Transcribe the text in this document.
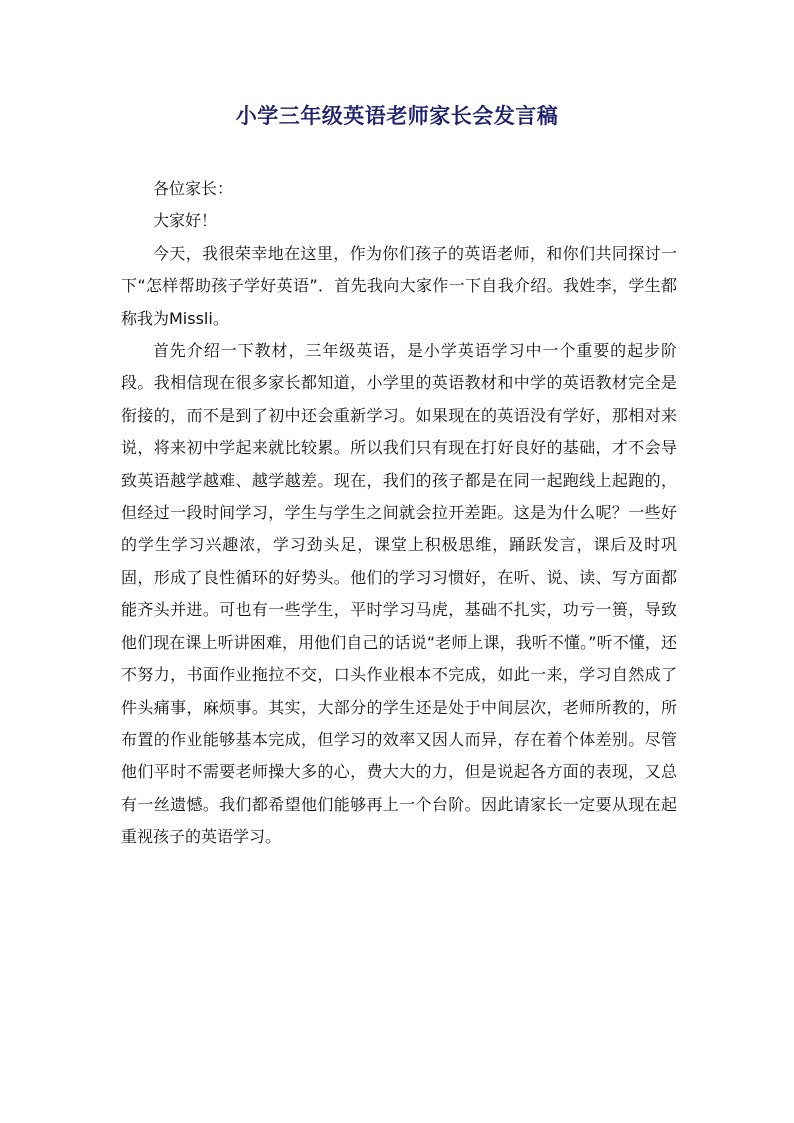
小学三年级英语老师家长会发言稿

各位家长：

大家好！

今天，我很荣幸地在这里，作为你们孩子的英语老师，和你们共同探讨一下“怎样帮助孩子学好英语”．首先我向大家作一下自我介绍。我姓李，学生都称我为Missli。

首先介绍一下教材，三年级英语，是小学英语学习中一个重要的起步阶段。我相信现在很多家长都知道，小学里的英语教材和中学的英语教材完全是衔接的，而不是到了初中还会重新学习。如果现在的英语没有学好，那相对来说，将来初中学起来就比较累。所以我们只有现在打好良好的基础，才不会导致英语越学越难、越学越差。现在，我们的孩子都是在同一起跑线上起跑的，但经过一段时间学习，学生与学生之间就会拉开差距。这是为什么呢？一些好的学生学习兴趣浓，学习劲头足，课堂上积极思维，踊跃发言，课后及时巩固，形成了良性循环的好势头。他们的学习习惯好，在听、说、读、写方面都能齐头并进。可也有一些学生，平时学习马虎，基础不扎实，功亏一篑，导致他们现在课上听讲困难，用他们自己的话说“老师上课，我听不懂。”听不懂，还不努力，书面作业拖拉不交，口头作业根本不完成，如此一来，学习自然成了件头痛事，麻烦事。其实，大部分的学生还是处于中间层次，老师所教的，所布置的作业能够基本完成，但学习的效率又因人而异，存在着个体差别。尽管他们平时不需要老师操大多的心，费大大的力，但是说起各方面的表现，又总有一丝遗憾。我们都希望他们能够再上一个台阶。因此请家长一定要从现在起重视孩子的英语学习。
